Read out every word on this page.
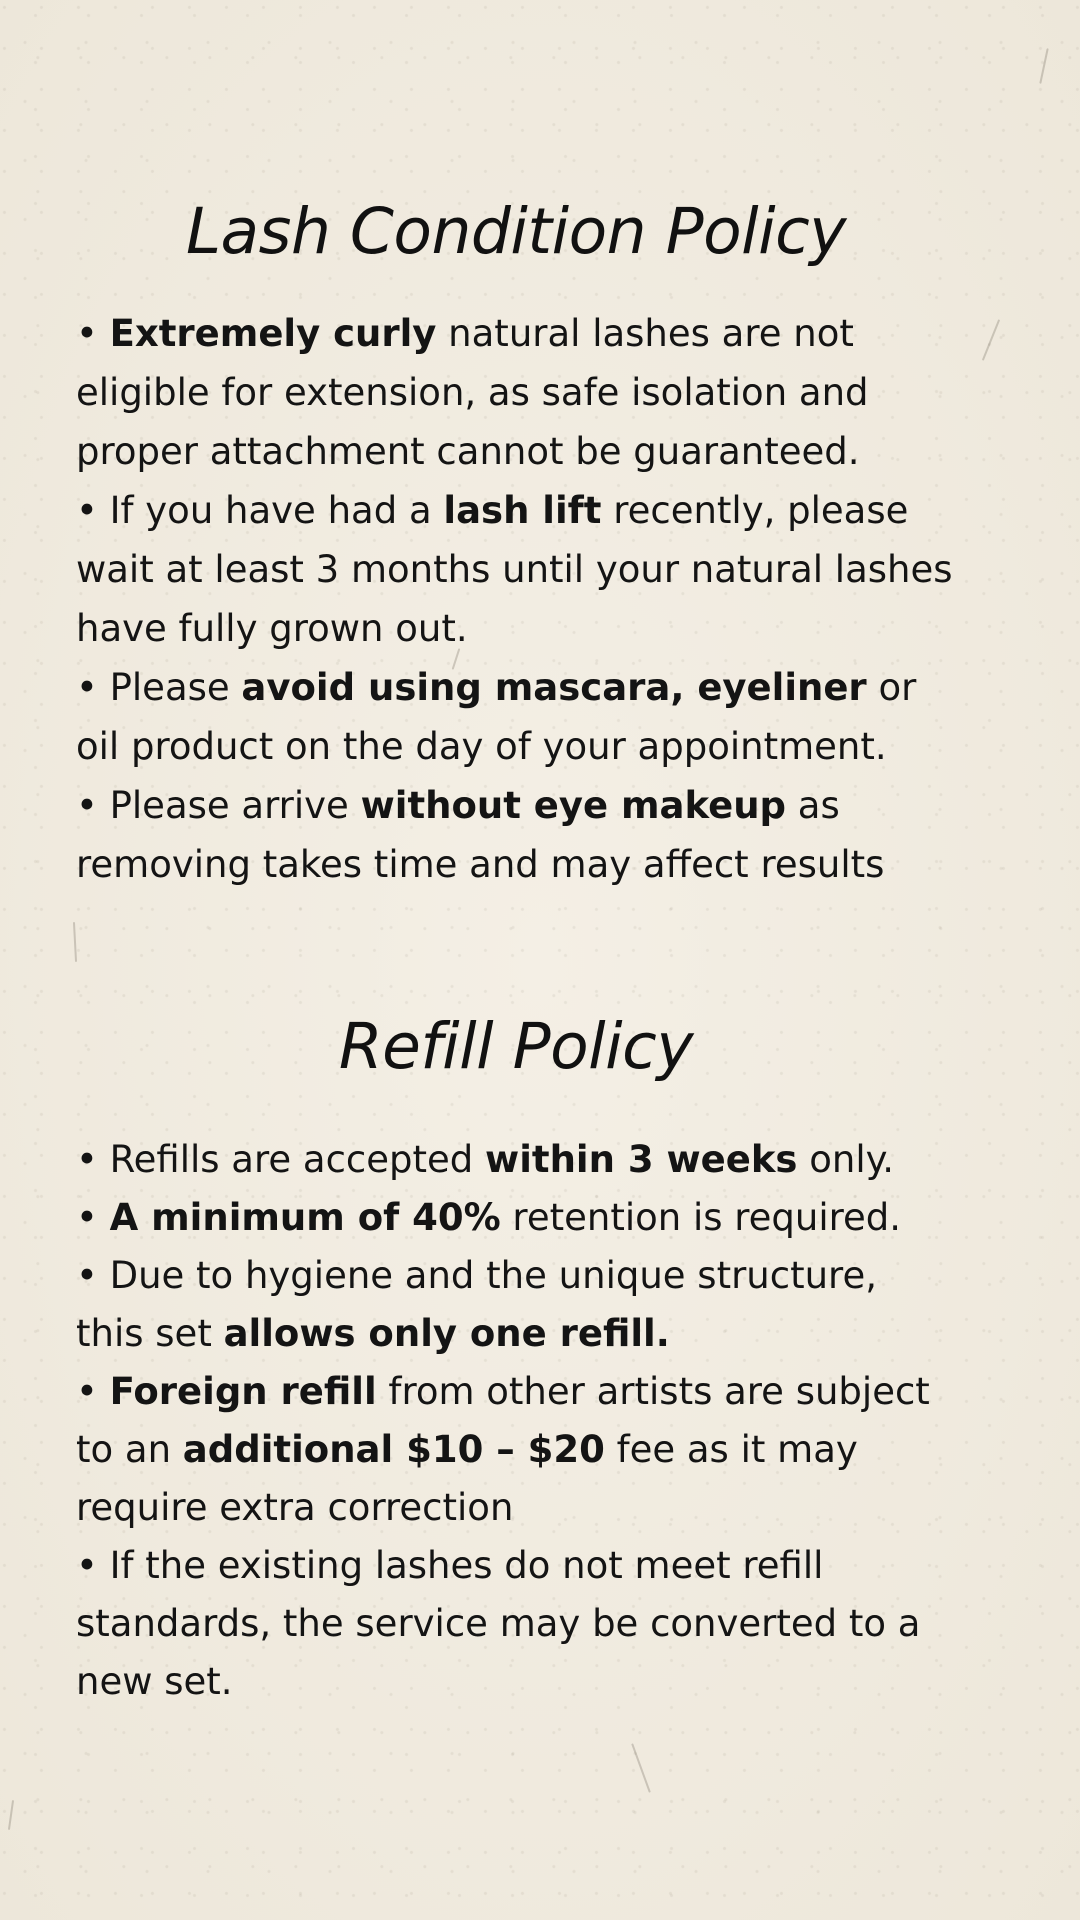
Lash Condition Policy
• Extremely curly natural lashes are not eligible for extension, as safe isolation and proper attachment cannot be guaranteed.
• If you have had a lash lift recently, please wait at least 3 months until your natural lashes have fully grown out.
• Please avoid using mascara, eyeliner or oil product on the day of your appointment.
• Please arrive without eye makeup as removing takes time and may affect results
Refill Policy
• Refills are accepted within 3 weeks only.
• A minimum of 40% retention is required.
• Due to hygiene and the unique structure, this set allows only one refill.
• Foreign refill from other artists are subject to an additional $10 – $20 fee as it may require extra correction
• If the existing lashes do not meet refill standards, the service may be converted to a new set.
